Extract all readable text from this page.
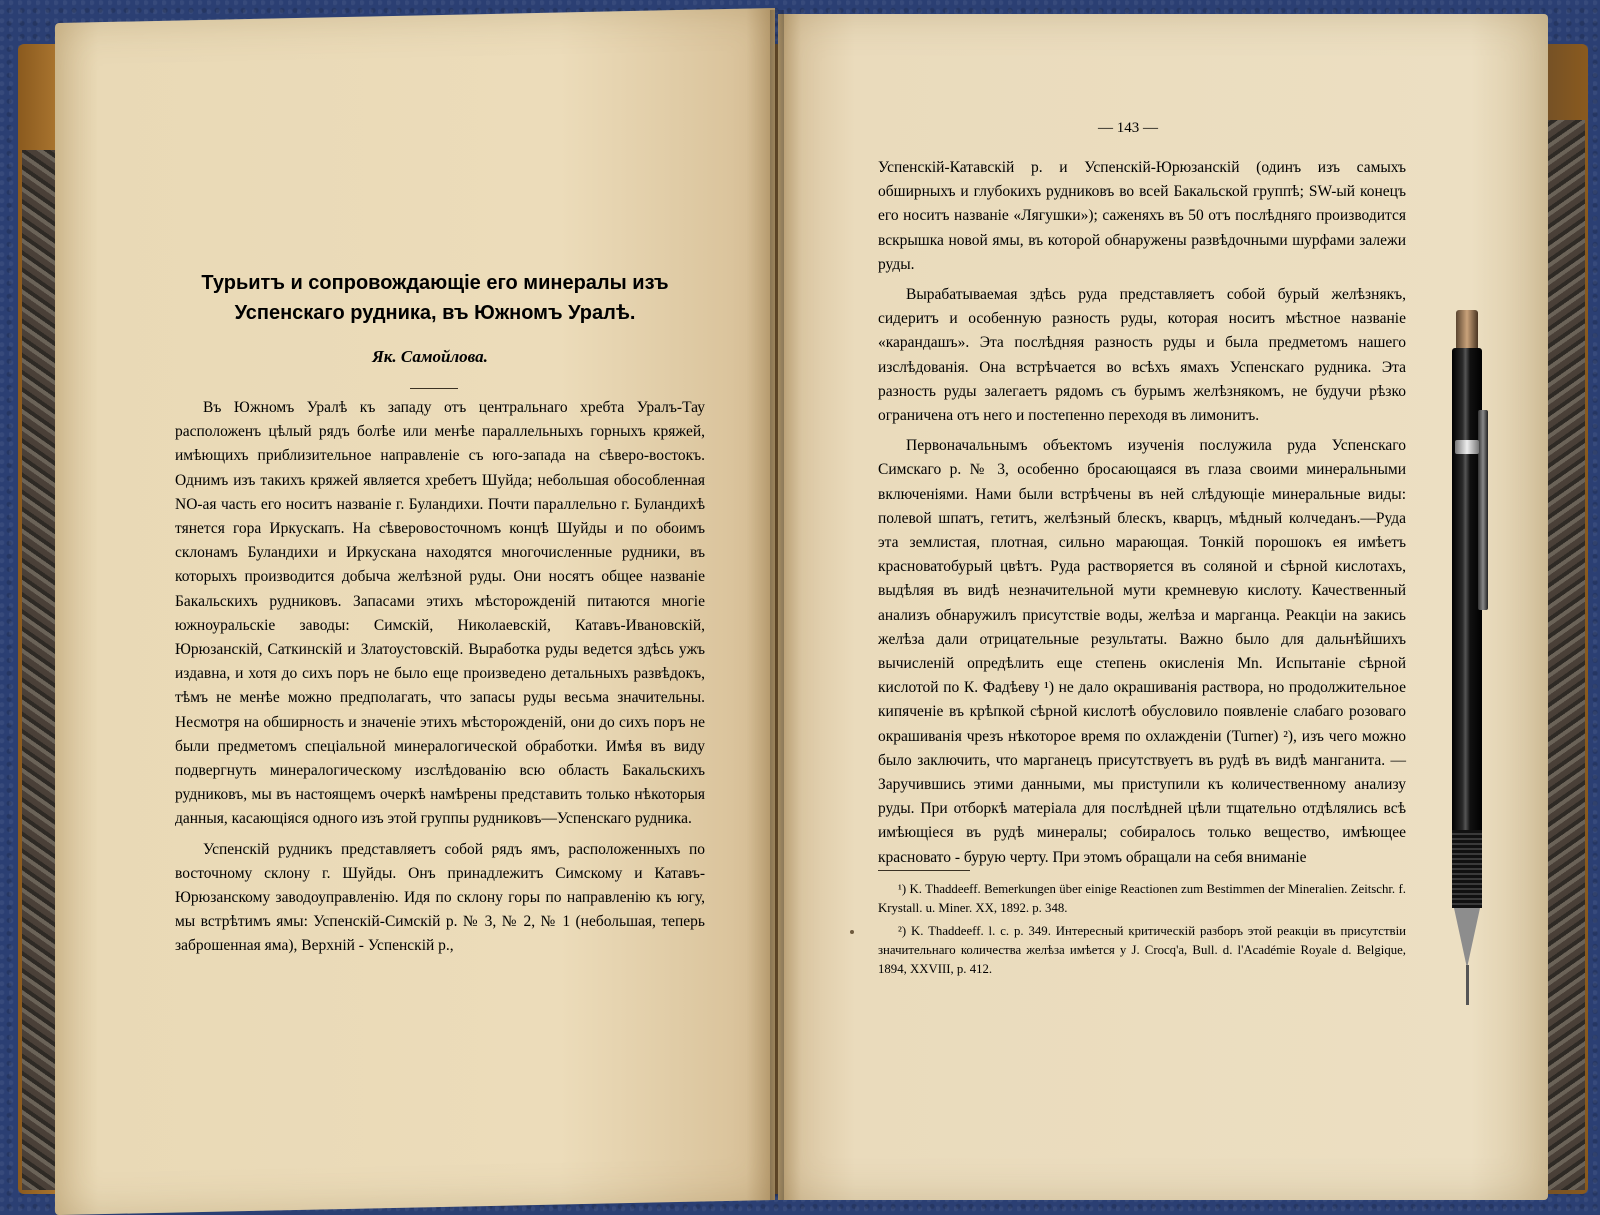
Турьитъ и сопровождающіе его минералы изъ Успенскаго рудника, въ Южномъ Уралѣ.

Як. Самойлова.

Въ Южномъ Уралѣ къ западу отъ центральнаго хребта Уралъ-Тау расположенъ цѣлый рядъ болѣе или менѣе параллельныхъ горныхъ кряжей, имѣющихъ приблизительное направленіе съ юго-запада на сѣверо-востокъ. Однимъ изъ такихъ кряжей является хребетъ Шуйда; небольшая обособленная NO-ая часть его носитъ названіе г. Буландихи. Почти параллельно г. Буландихѣ тянется гора Иркускапъ. На сѣверовосточномъ концѣ Шуйды и по обоимъ склонамъ Буландихи и Иркускана находятся многочисленные рудники, въ которыхъ производится добыча желѣзной руды. Они носятъ общее названіе Бакальскихъ рудниковъ. Запасами этихъ мѣсторожденій питаются многіе южноуральскіе заводы: Симскій, Николаевскій, Катавъ-Ивановскій, Юрюзанскій, Саткинскій и Златоустовскій. Выработка руды ведется здѣсь ужъ издавна, и хотя до сихъ поръ не было еще произведено детальныхъ развѣдокъ, тѣмъ не менѣе можно предполагать, что запасы руды весьма значительны. Несмотря на обширность и значеніе этихъ мѣсторожденій, они до сихъ поръ не были предметомъ спеціальной минералогической обработки. Имѣя въ виду подвергнуть минералогическому изслѣдованію всю область Бакальскихъ рудниковъ, мы въ настоящемъ очеркѣ намѣрены представить только нѣкоторыя данныя, касающіяся одного изъ этой группы рудниковъ—Успенскаго рудника.

Успенскій рудникъ представляетъ собой рядъ ямъ, расположенныхъ по восточному склону г. Шуйды. Онъ принадлежитъ Симскому и Катавъ-Юрюзанскому заводоуправленію. Идя по склону горы по направленію къ югу, мы встрѣтимъ ямы: Успенскій-Симскій р. № 3, № 2, № 1 (небольшая, теперь заброшенная яма), Верхній - Успенскій р.,

— 143 —

Успенскій-Катавскій р. и Успенскій-Юрюзанскій (одинъ изъ самыхъ обширныхъ и глубокихъ рудниковъ во всей Бакальской группѣ; SW-ый конецъ его носитъ названіе «Лягушки»); саженяхъ въ 50 отъ послѣдняго производится вскрышка новой ямы, въ которой обнаружены развѣдочными шурфами залежи руды.

Вырабатываемая здѣсь руда представляетъ собой бурый желѣзнякъ, сидеритъ и особенную разность руды, которая носитъ мѣстное названіе «карандашъ». Эта послѣдняя разность руды и была предметомъ нашего изслѣдованія. Она встрѣчается во всѣхъ ямахъ Успенскаго рудника. Эта разность руды залегаетъ рядомъ съ бурымъ желѣзнякомъ, не будучи рѣзко ограничена отъ него и постепенно переходя въ лимонитъ.

Первоначальнымъ объектомъ изученія послужила руда Успенскаго Симскаго р. № 3, особенно бросающаяся въ глаза своими минеральными включеніями. Нами были встрѣчены въ ней слѣдующіе минеральные виды: полевой шпатъ, гетитъ, желѣзный блескъ, кварцъ, мѣдный колчеданъ.—Руда эта землистая, плотная, сильно марающая. Тонкій порошокъ ея имѣетъ красноватобурый цвѣтъ. Руда растворяется въ соляной и сѣрной кислотахъ, выдѣляя въ видѣ незначительной мути кремневую кислоту. Качественный анализъ обнаружилъ присутствіе воды, желѣза и марганца. Реакціи на закись желѣза дали отрицательные результаты. Важно было для дальнѣйшихъ вычисленій опредѣлить еще степень окисленія Mn. Испытаніе сѣрной кислотой по К. Фадѣеву ¹) не дало окрашиванія раствора, но продолжительное кипяченіе въ крѣпкой сѣрной кислотѣ обусловило появленіе слабаго розоваго окрашиванія чрезъ нѣкоторое время по охлажденіи (Turner) ²), изъ чего можно было заключить, что марганецъ присутствуетъ въ рудѣ въ видѣ манганита. — Заручившись этими данными, мы приступили къ количественному анализу руды. При отборкѣ матеріала для послѣдней цѣли тщательно отдѣлялись всѣ имѣющіеся въ рудѣ минералы; собиралось только вещество, имѣющее красновато - бурую черту. При этомъ обращали на себя вниманіе

¹) K. Thaddeeff. Bemerkungen über einige Reactionen zum Bestimmen der Mineralien. Zeitschr. f. Krystall. u. Miner. XX, 1892. p. 348.

²) K. Thaddeeff. l. c. p. 349. Интересный критическій разборъ этой реакціи въ присутствіи значительнаго количества желѣза имѣется у J. Crocq'a, Bull. d. l'Académie Royale d. Belgique, 1894, XXVIII, p. 412.
